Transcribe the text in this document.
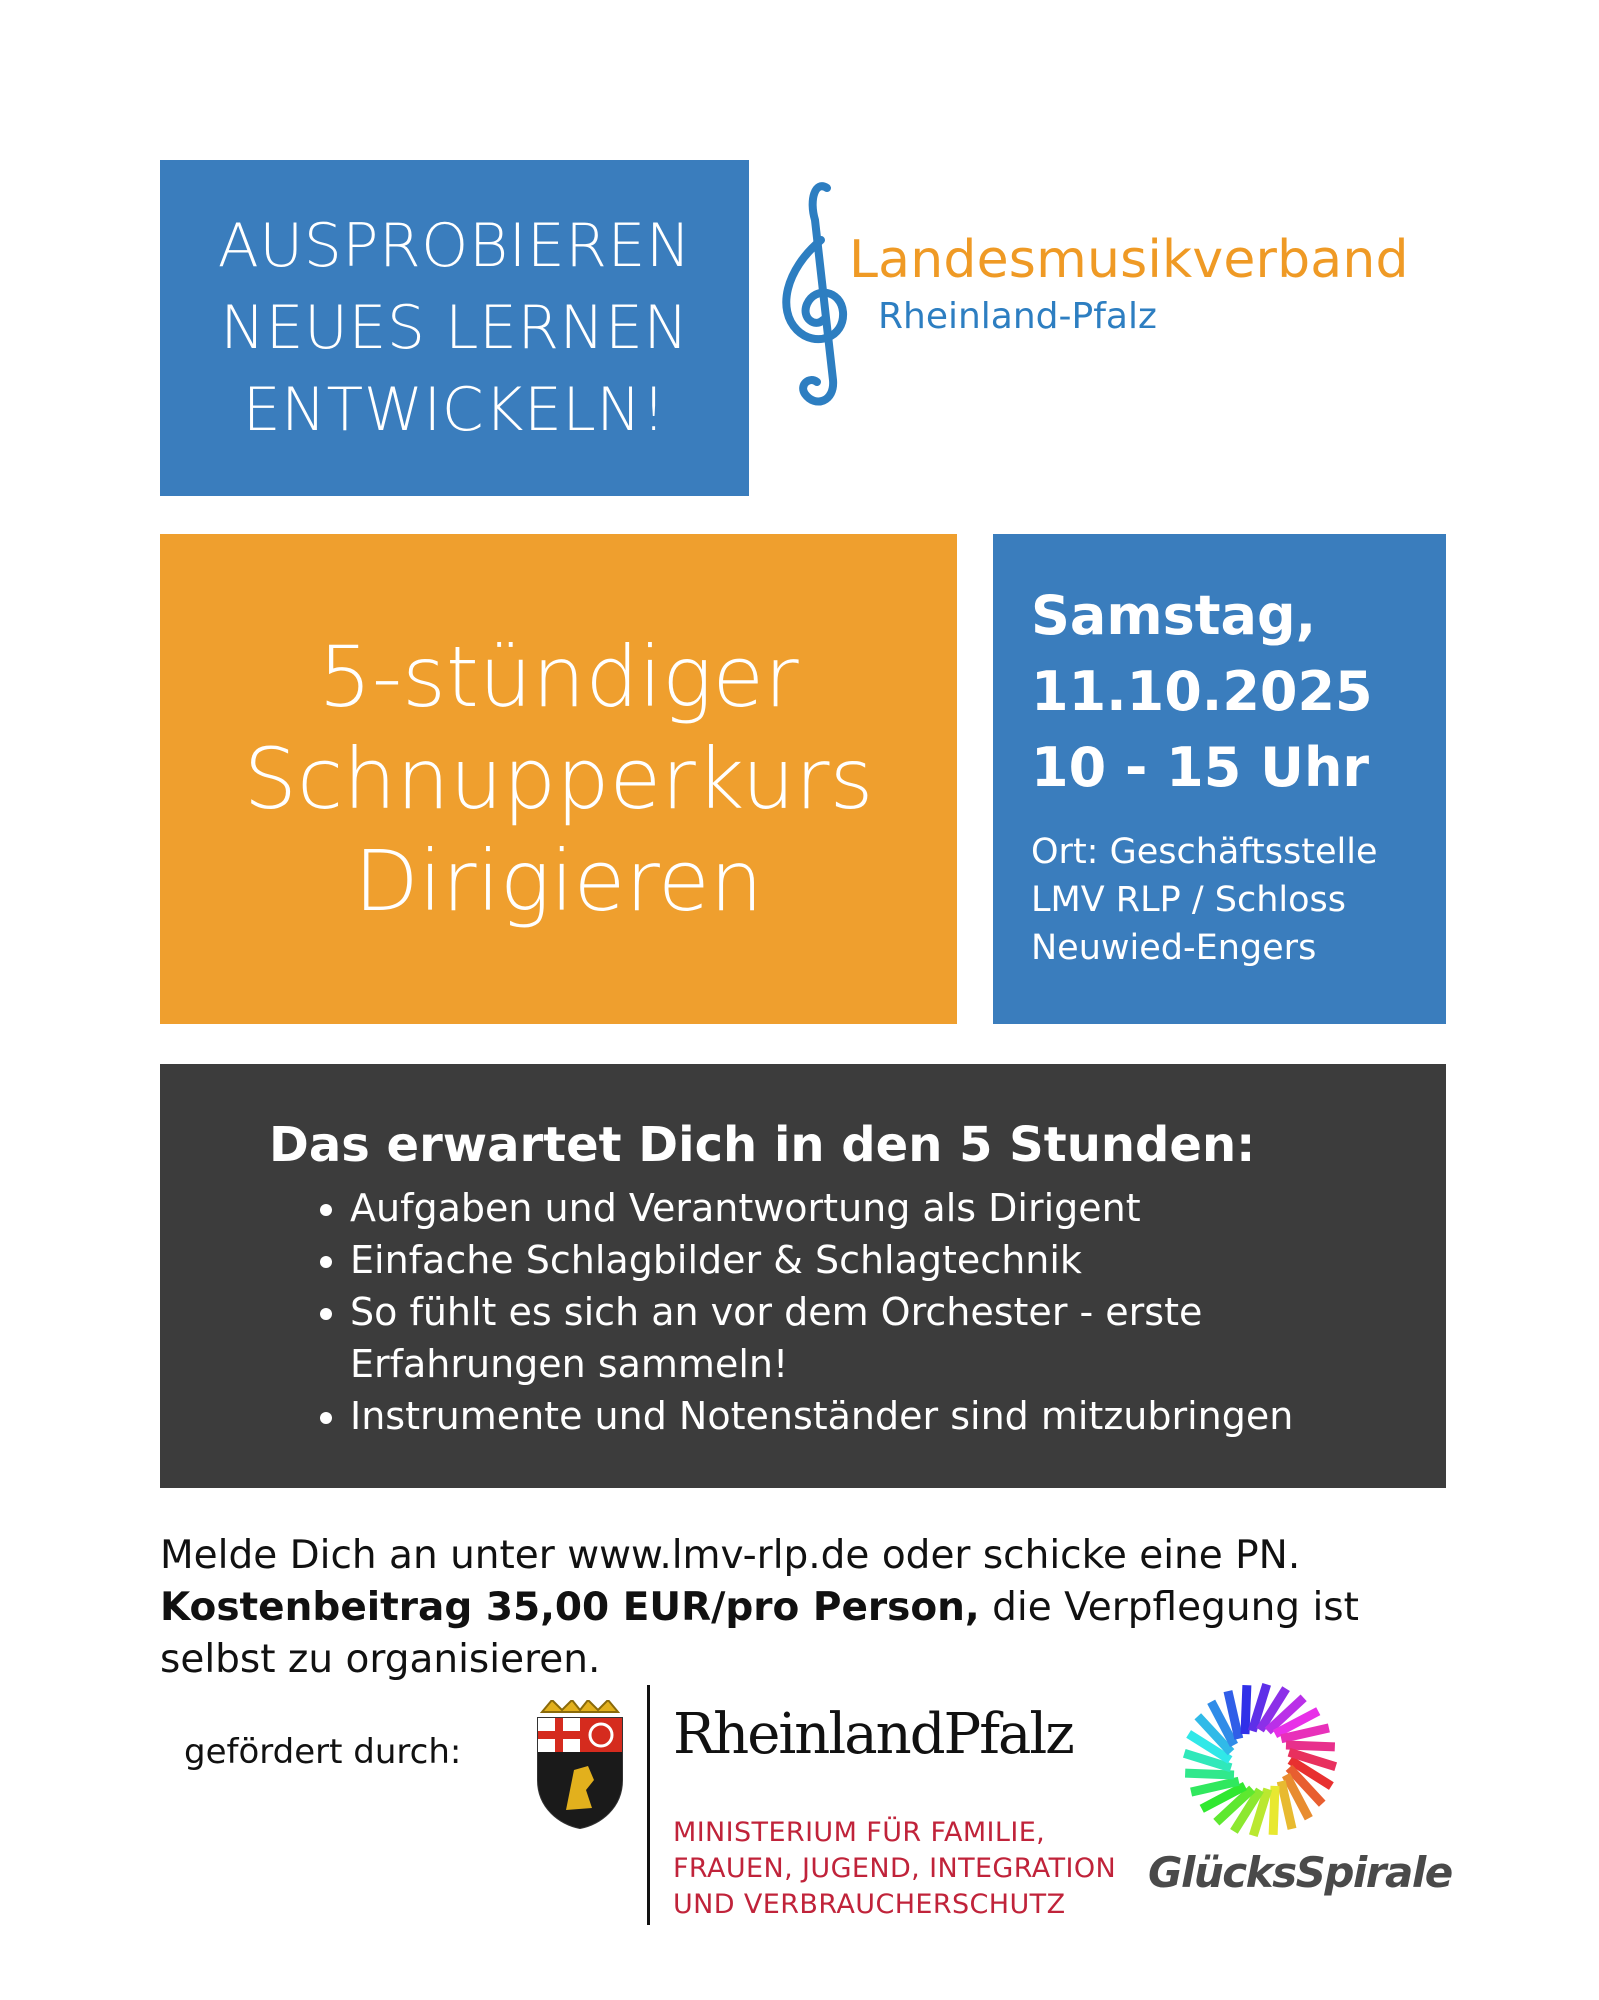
AUSPROBIEREN
NEUES LERNEN
ENTWICKELN!
Landesmusikverband
Rheinland-Pfalz
5-stündiger
Schnupperkurs
Dirigieren
Samstag,
11.10.2025
10 - 15 Uhr
Ort: Geschäftsstelle
LMV RLP / Schloss
Neuwied-Engers
Das erwartet Dich in den 5 Stunden:
• Aufgaben und Verantwortung als Dirigent
• Einfache Schlagbilder & Schlagtechnik
• So fühlt es sich an vor dem Orchester - erste Erfahrungen sammeln!
• Instrumente und Notenständer sind mitzubringen
Melde Dich an unter www.lmv-rlp.de oder schicke eine PN.
Kostenbeitrag 35,00 EUR/pro Person, die Verpflegung ist selbst zu organisieren.
gefördert durch:	RheinlandPfalz
MINISTERIUM FÜR FAMILIE,
FRAUEN, JUGEND, INTEGRATION
UND VERBRAUCHERSCHUTZ
GlücksSpirale
